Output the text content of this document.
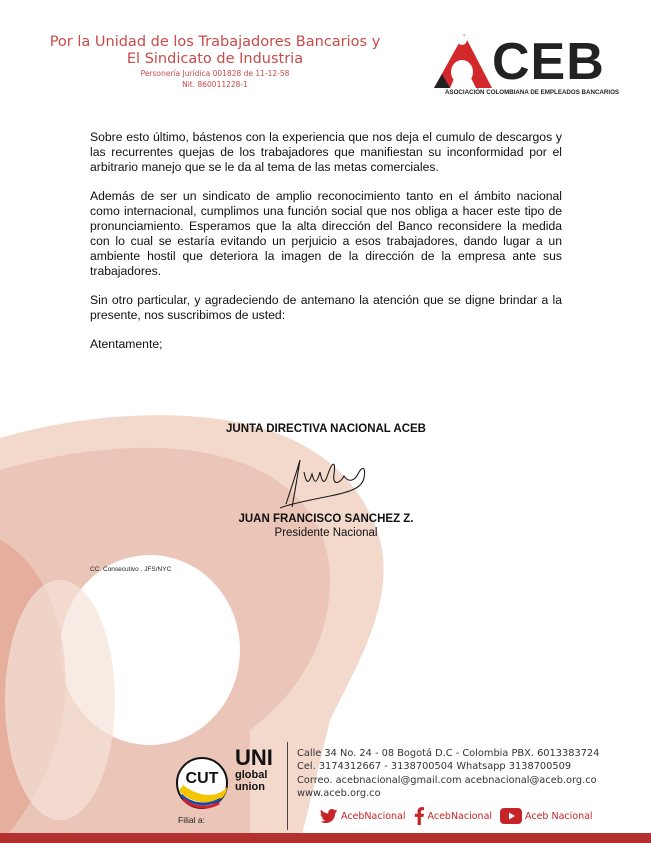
Por la Unidad de los Trabajadores Bancarios y
El Sindicato de Industria
Personería Jurídica 001828 de 11-12-58
Nit. 860011228-1	CEB
ASOCIACIÓN COLOMBIANA DE EMPLEADOS BANCARIOS

Sobre esto último, bástenos con la experiencia que nos deja el cumulo de descargos y las recurrentes quejas de los trabajadores que manifiestan su inconformidad por el arbitrario manejo que se le da al tema de las metas comerciales.

Además de ser un sindicato de amplio reconocimiento tanto en el ámbito nacional como internacional, cumplimos una función social que nos obliga a hacer este tipo de pronunciamiento. Esperamos que la alta dirección del Banco reconsidere la medida con lo cual se estaría evitando un perjuicio a esos trabajadores, dando lugar a un ambiente hostil que deteriora la imagen de la dirección de la empresa ante sus trabajadores.

Sin otro particular, y agradeciendo de antemano la atención que se digne brindar a la presente, nos suscribimos de usted:

Atentamente;

JUNTA DIRECTIVA NACIONAL ACEB
JUAN FRANCISCO SANCHEZ Z.
Presidente Nacional
CC. Consecutivo . JFS/NYC
CUT
UNI
global
union
Filial a:
Calle 34 No. 24 - 08 Bogotá D.C - Colombia PBX. 6013383724
Cel. 3174312667 - 3138700504 Whatsapp 3138700509
Correo. acebnacional@gmail.com acebnacional@aceb.org.co
www.aceb.org.co
AcebNacional AcebNacional	Aceb Nacional
